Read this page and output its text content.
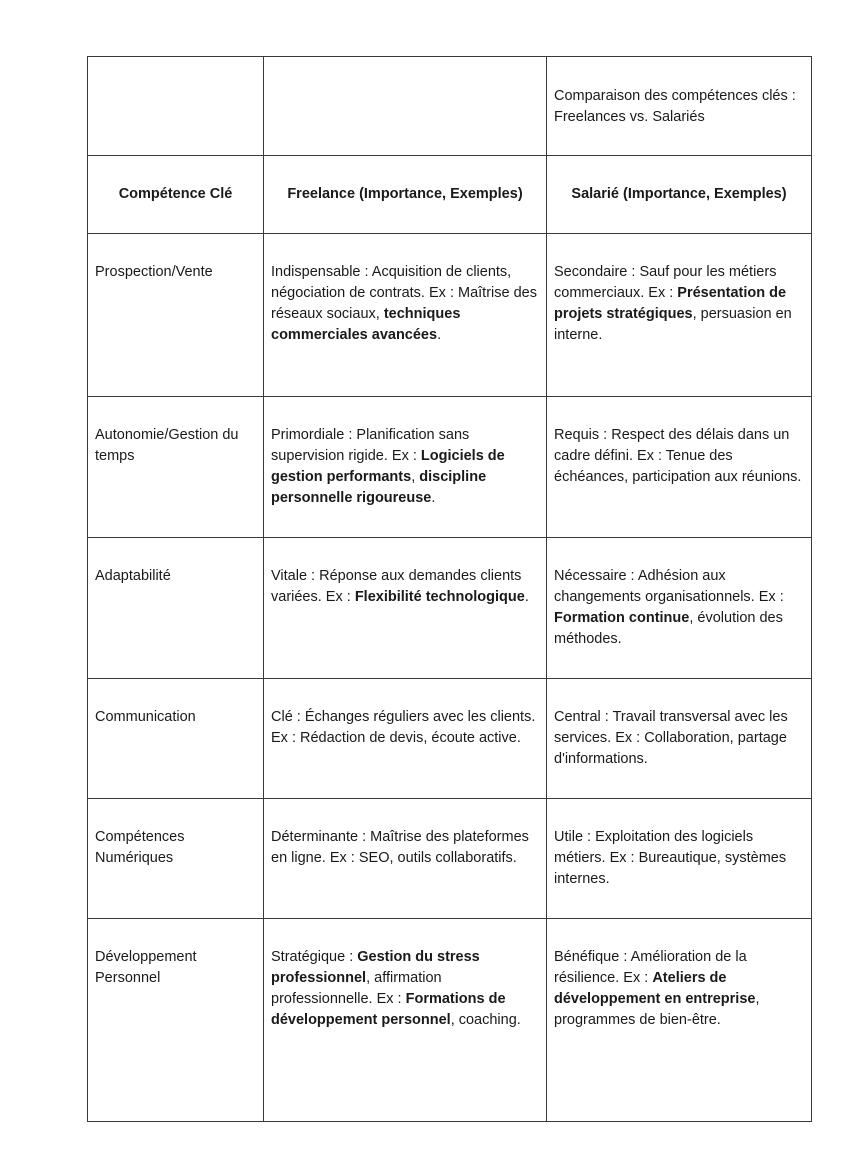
		Comparaison des compétences clés : Freelances vs. Salariés
Compétence Clé	Freelance (Importance, Exemples)	Salarié (Importance, Exemples)
Prospection/Vente	Indispensable : Acquisition de clients, négociation de contrats. Ex : Maîtrise des réseaux sociaux, techniques commerciales avancées.	Secondaire : Sauf pour les métiers commerciaux. Ex : Présentation de projets stratégiques, persuasion en interne.
Autonomie/Gestion du temps	Primordiale : Planification sans supervision rigide. Ex : Logiciels de gestion performants, discipline personnelle rigoureuse.	Requis : Respect des délais dans un cadre défini. Ex : Tenue des échéances, participation aux réunions.
Adaptabilité	Vitale : Réponse aux demandes clients variées. Ex : Flexibilité technologique.	Nécessaire : Adhésion aux changements organisationnels. Ex : Formation continue, évolution des méthodes.
Communication	Clé : Échanges réguliers avec les clients. Ex : Rédaction de devis, écoute active.	Central : Travail transversal avec les services. Ex : Collaboration, partage d'informations.
Compétences Numériques	Déterminante : Maîtrise des plateformes en ligne. Ex : SEO, outils collaboratifs.	Utile : Exploitation des logiciels métiers. Ex : Bureautique, systèmes internes.
Développement Personnel	Stratégique : Gestion du stress professionnel, affirmation professionnelle. Ex : Formations de développement personnel, coaching.	Bénéfique : Amélioration de la résilience. Ex : Ateliers de développement en entreprise, programmes de bien-être.
